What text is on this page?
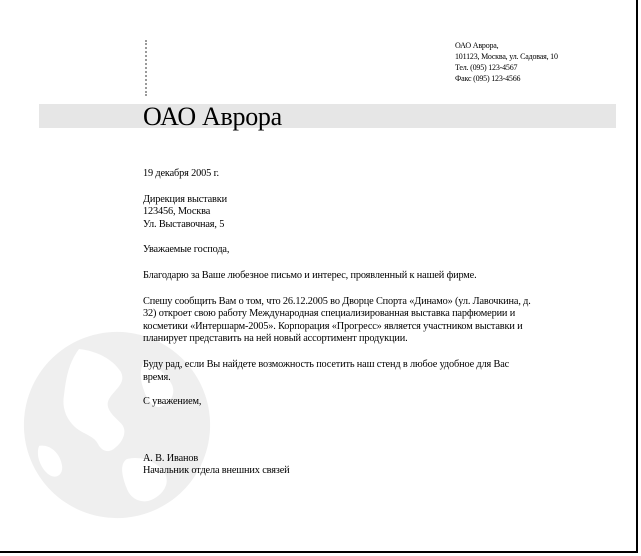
ОАО Аврора,
101123, Москва, ул. Садовая, 10
Тел. (095) 123-4567
Факс (095) 123-4566
ОАО Аврора

19 декабря 2005 г.

Дирекция выставки

123456, Москва

Ул. Выставочная, 5

Уважаемые господа,

Благодарю за Ваше любезное письмо и интерес, проявленный к нашей фирме.

Спешу сообщить Вам о том, что 26.12.2005 во Дворце Спорта «Динамо» (ул. Лавочкина, д.

32) откроет свою работу Международная специализированная выставка парфюмерии и

косметики «Интершарм-2005». Корпорация «Прогресс» является участником выставки и

планирует представить на ней новый ассортимент продукции.

Буду рад, если Вы найдете возможность посетить наш стенд в любое удобное для Вас

время.

С уважением,

А. В. Иванов

Начальник отдела внешних связей
